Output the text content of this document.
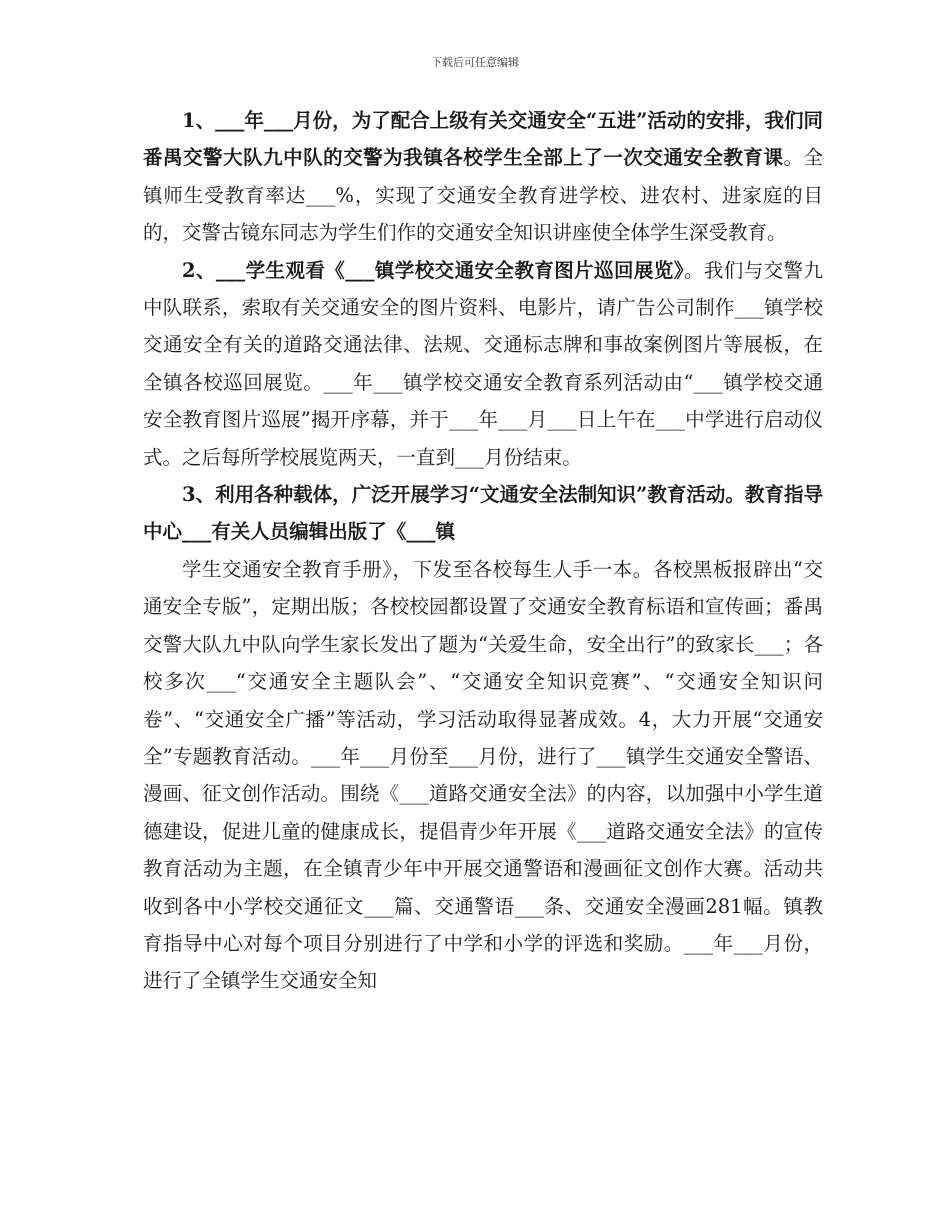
下载后可任意编辑

1、___年___月份，为了配合上级有关交通安全“五进”活动的安排，我们同番禺交警大队九中队的交警为我镇各校学生全部上了一次交通安全教育课。全镇师生受教育率达___%，实现了交通安全教育进学校、进农村、进家庭的目的，交警古镜东同志为学生们作的交通安全知识讲座使全体学生深受教育。

2、___学生观看《___镇学校交通安全教育图片巡回展览》。我们与交警九中队联系，索取有关交通安全的图片资料、电影片，请广告公司制作___镇学校交通安全有关的道路交通法律、法规、交通标志牌和事故案例图片等展板，在全镇各校巡回展览。___年___镇学校交通安全教育系列活动由“___镇学校交通安全教育图片巡展”揭开序幕，并于___年___月___日上午在___中学进行启动仪式。之后每所学校展览两天，一直到___月份结束。

3、利用各种载体，广泛开展学习“文通安全法制知识”教育活动。教育指导中心___有关人员编辑出版了《___镇

学生交通安全教育手册》，下发至各校每生人手一本。各校黑板报辟出“交通安全专版”，定期出版；各校校园都设置了交通安全教育标语和宣传画；番禺交警大队九中队向学生家长发出了题为“关爱生命，安全出行”的致家长___；各校多次___“交通安全主题队会”、“交通安全知识竞赛”、“交通安全知识问卷”、“交通安全广播”等活动，学习活动取得显著成效。4，大力开展“交通安全”专题教育活动。___年___月份至___月份，进行了___镇学生交通安全警语、漫画、征文创作活动。围绕《___道路交通安全法》的内容，以加强中小学生道德建设，促进儿童的健康成长，提倡青少年开展《___道路交通安全法》的宣传教育活动为主题，在全镇青少年中开展交通警语和漫画征文创作大赛。活动共收到各中小学校交通征文___篇、交通警语___条、交通安全漫画281幅。镇教育指导中心对每个项目分别进行了中学和小学的评选和奖励。___年___月份，进行了全镇学生交通安全知
